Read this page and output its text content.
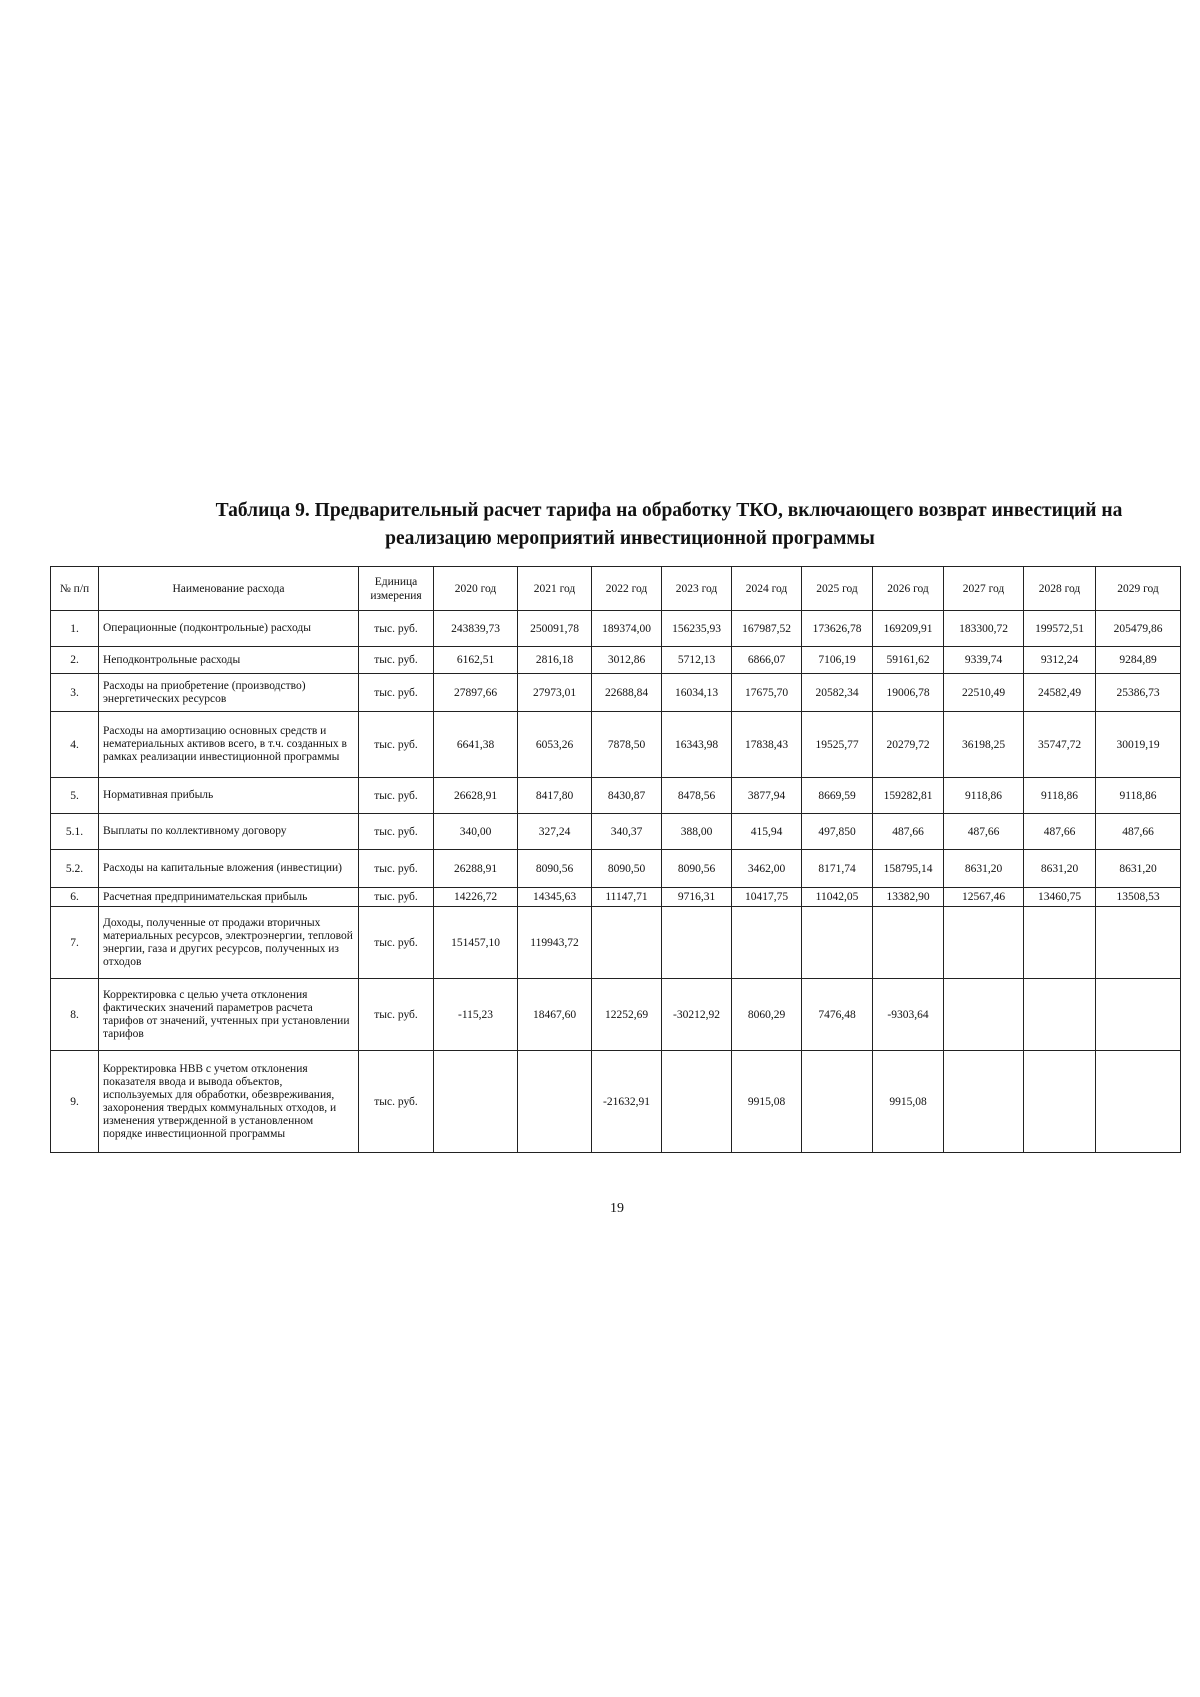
Таблица 9. Предварительный расчет тарифа на обработку ТКО, включающего возврат инвестиций на
реализацию мероприятий инвестиционной программы
№ п/п	Наименование расхода	Единица измерения	2020 год	2021 год	2022 год	2023 год	2024 год	2025 год	2026 год	2027 год	2028 год	2029 год
1.	Операционные (подконтрольные) расходы	тыс. руб.	243839,73	250091,78	189374,00	156235,93	167987,52	173626,78	169209,91	183300,72	199572,51	205479,86
2.	Неподконтрольные расходы	тыс. руб.	6162,51	2816,18	3012,86	5712,13	6866,07	7106,19	59161,62	9339,74	9312,24	9284,89
3.	Расходы на приобретение (производство) энергетических ресурсов	тыс. руб.	27897,66	27973,01	22688,84	16034,13	17675,70	20582,34	19006,78	22510,49	24582,49	25386,73
4.	Расходы на амортизацию основных средств и нематериальных активов всего, в т.ч. созданных в рамках реализации инвестиционной программы	тыс. руб.	6641,38	6053,26	7878,50	16343,98	17838,43	19525,77	20279,72	36198,25	35747,72	30019,19
5.	Нормативная прибыль	тыс. руб.	26628,91	8417,80	8430,87	8478,56	3877,94	8669,59	159282,81	9118,86	9118,86	9118,86
5.1.	Выплаты по коллективному договору	тыс. руб.	340,00	327,24	340,37	388,00	415,94	497,850	487,66	487,66	487,66	487,66
5.2.	Расходы на капитальные вложения (инвестиции)	тыс. руб.	26288,91	8090,56	8090,50	8090,56	3462,00	8171,74	158795,14	8631,20	8631,20	8631,20
6.	Расчетная предпринимательская прибыль	тыс. руб.	14226,72	14345,63	11147,71	9716,31	10417,75	11042,05	13382,90	12567,46	13460,75	13508,53
7.	Доходы, полученные от продажи вторичных материальных ресурсов, электроэнергии, тепловой энергии, газа и других ресурсов, полученных из отходов	тыс. руб.	151457,10	119943,72								
8.	Корректировка с целью учета отклонения фактических значений параметров расчета тарифов от значений, учтенных при установлении тарифов	тыс. руб.	-115,23	18467,60	12252,69	-30212,92	8060,29	7476,48	-9303,64			
9.	Корректировка НВВ с учетом отклонения показателя ввода и вывода объектов, используемых для обработки, обезвреживания, захоронения твердых коммунальных отходов, и изменения утвержденной в установленном порядке инвестиционной программы	тыс. руб.			-21632,91		9915,08		9915,08			
19
